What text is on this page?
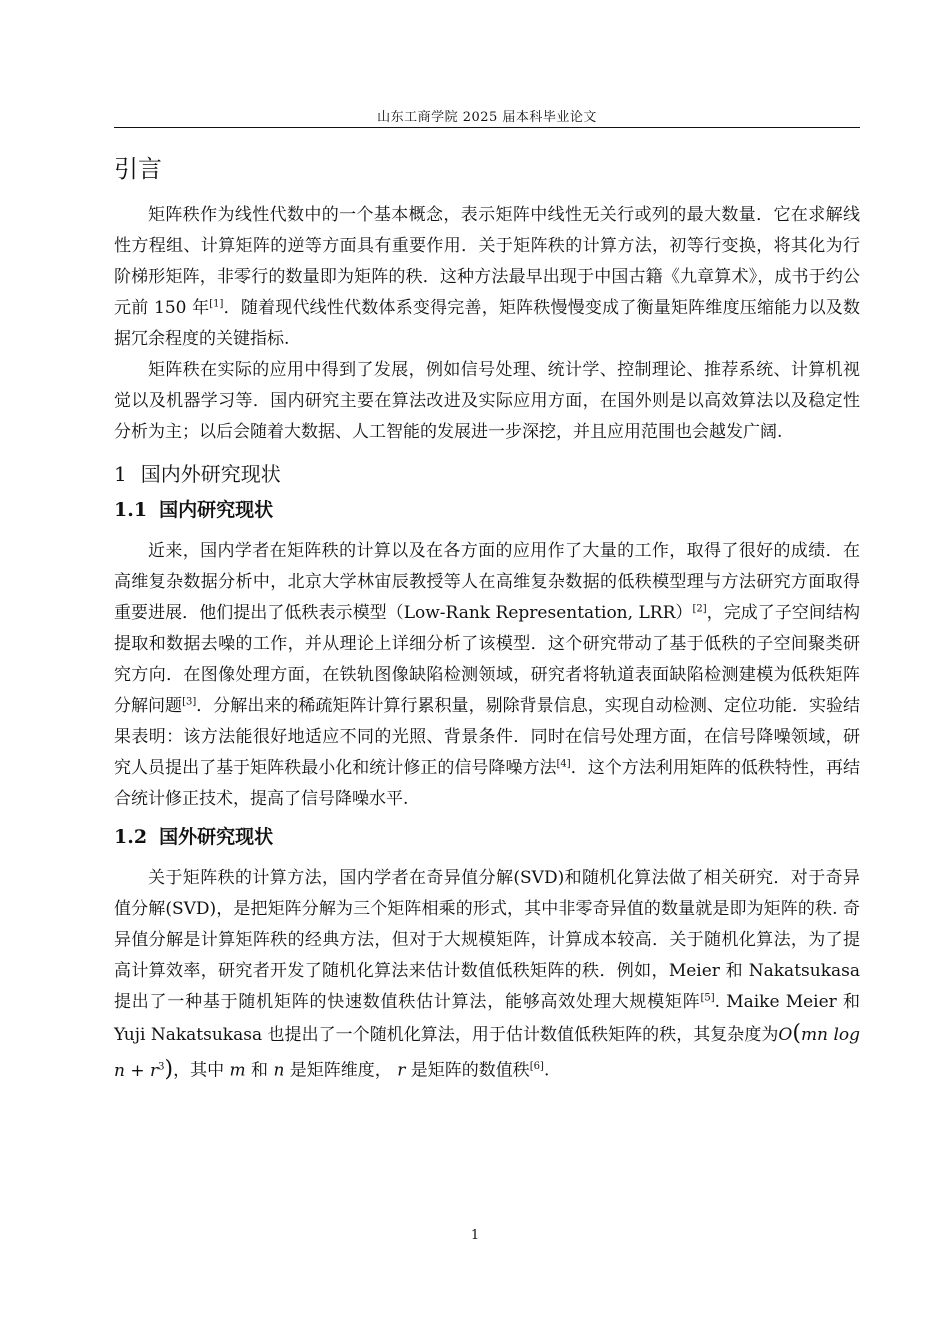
山东工商学院 2025 届本科毕业论文
引言

矩阵秩作为线性代数中的一个基本概念，表示矩阵中线性无关行或列的最大数量．它在求解线性方程组、计算矩阵的逆等方面具有重要作用．关于矩阵秩的计算方法，初等行变换，将其化为行阶梯形矩阵，非零行的数量即为矩阵的秩．这种方法最早出现于中国古籍《九章算术》，成书于约公元前 150 年[1]．随着现代线性代数体系变得完善，矩阵秩慢慢变成了衡量矩阵维度压缩能力以及数据冗余程度的关键指标.

矩阵秩在实际的应用中得到了发展，例如信号处理、统计学、控制理论、推荐系统、计算机视觉以及机器学习等．国内研究主要在算法改进及实际应用方面，在国外则是以高效算法以及稳定性分析为主；以后会随着大数据、人工智能的发展进一步深挖，并且应用范围也会越发广阔.

1 国内外研究现状
1.1 国内研究现状

近来，国内学者在矩阵秩的计算以及在各方面的应用作了大量的工作，取得了很好的成绩．在高维复杂数据分析中，北京大学林宙辰教授等人在高维复杂数据的低秩模型理与方法研究方面取得重要进展．他们提出了低秩表示模型（Low-Rank Representation, LRR）[2]，完成了子空间结构提取和数据去噪的工作，并从理论上详细分析了该模型．这个研究带动了基于低秩的子空间聚类研究方向．在图像处理方面，在铁轨图像缺陷检测领域，研究者将轨道表面缺陷检测建模为低秩矩阵分解问题[3]．分解出来的稀疏矩阵计算行累积量，剔除背景信息，实现自动检测、定位功能．实验结果表明：该方法能很好地适应不同的光照、背景条件．同时在信号处理方面，在信号降噪领域，研究人员提出了基于矩阵秩最小化和统计修正的信号降噪方法[4]．这个方法利用矩阵的低秩特性，再结合统计修正技术，提高了信号降噪水平.

1.2 国外研究现状

关于矩阵秩的计算方法，国内学者在奇异值分解(SVD)和随机化算法做了相关研究．对于奇异值分解(SVD)，是把矩阵分解为三个矩阵相乘的形式，其中非零奇异值的数量就是即为矩阵的秩. 奇异值分解是计算矩阵秩的经典方法，但对于大规模矩阵，计算成本较高．关于随机化算法，为了提高计算效率，研究者开发了随机化算法来估计数值低秩矩阵的秩．例如，Meier 和 Nakatsukasa 提出了一种基于随机矩阵的快速数值秩估计算法，能够高效处理大规模矩阵[5]. Maike Meier 和 Yuji Nakatsukasa 也提出了一个随机化算法，用于估计数值低秩矩阵的秩，其复杂度为O(mn $\log n + r^3$)，其中 m 和 n 是矩阵维度， r 是矩阵的数值秩[6].

1
